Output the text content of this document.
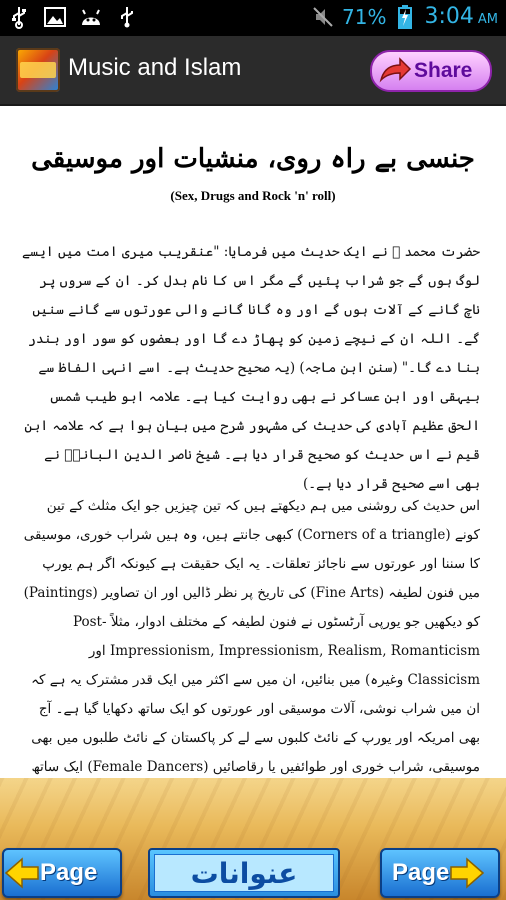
71% 3:04 AM
Music and Islam	Share
جنسی بے راہ روی، منشیات اور موسیقی
(Sex, Drugs and Rock 'n' roll)
حضرت محمد ﷺ نے ایک حدیث میں فرمایا: "عنقریب میری امت میں ایسے لوگ ہوں گے جو شراب پئیں گے مگر اس کا نام بدل کر۔ ان کے سروں پر ناچ گانے کے آلات ہوں گے اور وہ گانا گانے والی عورتوں سے گانے سنیں گے۔ اللہ ان کے نیچے زمین کو پھاڑ دے گا اور بعضوں کو سور اور بندر بنا دے گا۔" (سنن ابن ماجہ) (یہ صحیح حدیث ہے۔ اسے انہی الفاظ سے بیہقی اور ابن عساکر نے بھی روایت کیا ہے۔ علامہ ابو طیب شمس الحق عظیم آبادی کی حدیث کی مشہور شرح میں بیان ہوا ہے کہ علامہ ابن قیم نے اس حدیث کو صحیح قرار دیا ہے۔ شیخ ناصر الدین البانیؒ نے بھی اسے صحیح قرار دیا ہے۔)
اس حدیث کی روشنی میں ہم دیکھتے ہیں کہ تین چیزیں جو ایک مثلث کے تین کونے (Corners of a triangle) کبھی جانتے ہیں، وہ ہیں شراب خوری، موسیقی کا سننا اور عورتوں سے ناجائز تعلقات۔ یہ ایک حقیقت ہے کیونکہ اگر ہم یورپ میں فنون لطیفہ (Fine Arts) کی تاریخ پر نظر ڈالیں اور ان تصاویر (Paintings) کو دیکھیں جو یورپی آرٹسٹوں نے فنون لطیفہ کے مختلف ادوار، مثلاً Post-Impressionism, Impressionism, Realism, Romanticism اور Classicism وغیرہ) میں بنائیں، ان میں سے اکثر میں ایک قدر مشترک یہ ہے کہ ان میں شراب نوشی، آلات موسیقی اور عورتوں کو ایک ساتھ دکھایا گیا ہے۔ آج بھی امریکہ اور یورپ کے نائٹ کلبوں سے لے کر پاکستان کے نائٹ طلبوں میں بھی موسیقی، شراب خوری اور طوائفیں یا رقاصائیں (Female Dancers) ایک ساتھ
Page	عنوانات	Page
